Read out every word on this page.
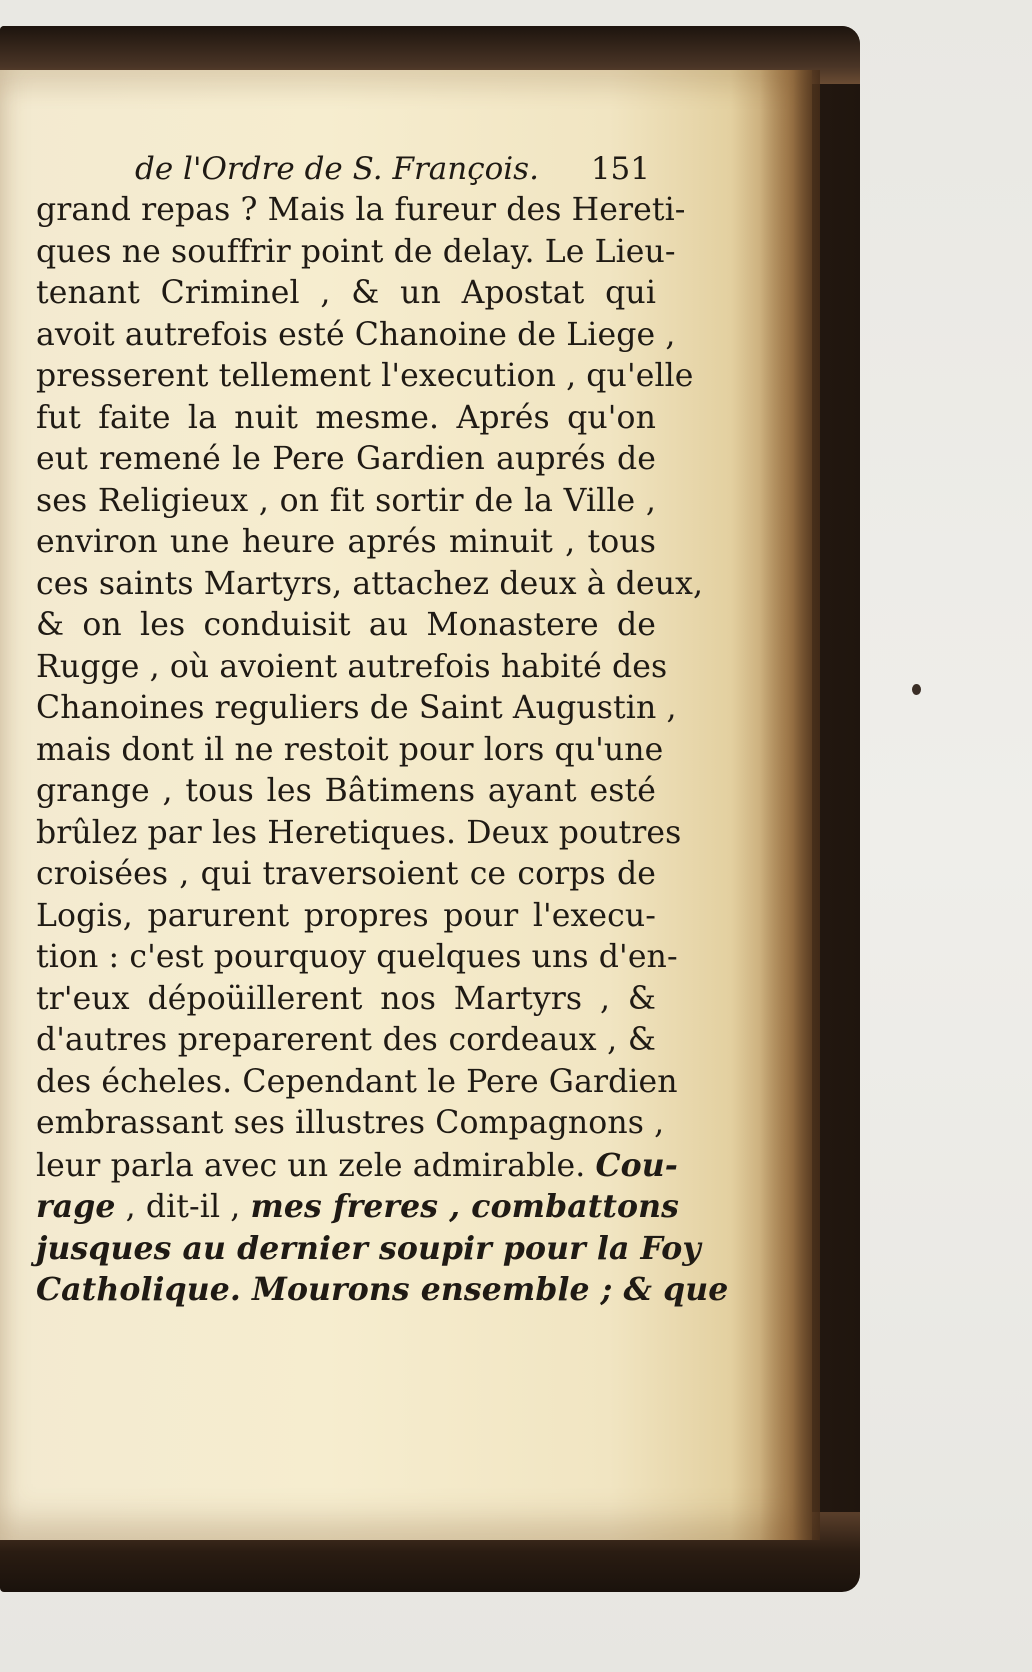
de l'Ordre de S. François. 151
grand repas ? Mais la fureur des Hereti-
ques ne souffrir point de delay. Le Lieu-
tenant Criminel , & un Apostat qui
avoit autrefois esté Chanoine de Liege ,
presserent tellement l'execution , qu'elle
fut faite la nuit mesme. Aprés qu'on
eut remené le Pere Gardien auprés de
ses Religieux , on fit sortir de la Ville ,
environ une heure aprés minuit , tous
ces saints Martyrs, attachez deux à deux,
& on les conduisit au Monastere de
Rugge , où avoient autrefois habité des
Chanoines reguliers de Saint Augustin ,
mais dont il ne restoit pour lors qu'une
grange , tous les Bâtimens ayant esté
brûlez par les Heretiques. Deux poutres
croisées , qui traversoient ce corps de
Logis, parurent propres pour l'execu-
tion : c'est pourquoy quelques uns d'en-
tr'eux dépoüillerent nos Martyrs , &
d'autres preparerent des cordeaux , &
des écheles. Cependant le Pere Gardien
embrassant ses illustres Compagnons ,
leur parla avec un zele admirable. Cou-
rage , dit-il , mes freres , combattons
jusques au dernier soupir pour la Foy
Catholique. Mourons ensemble ; & que
